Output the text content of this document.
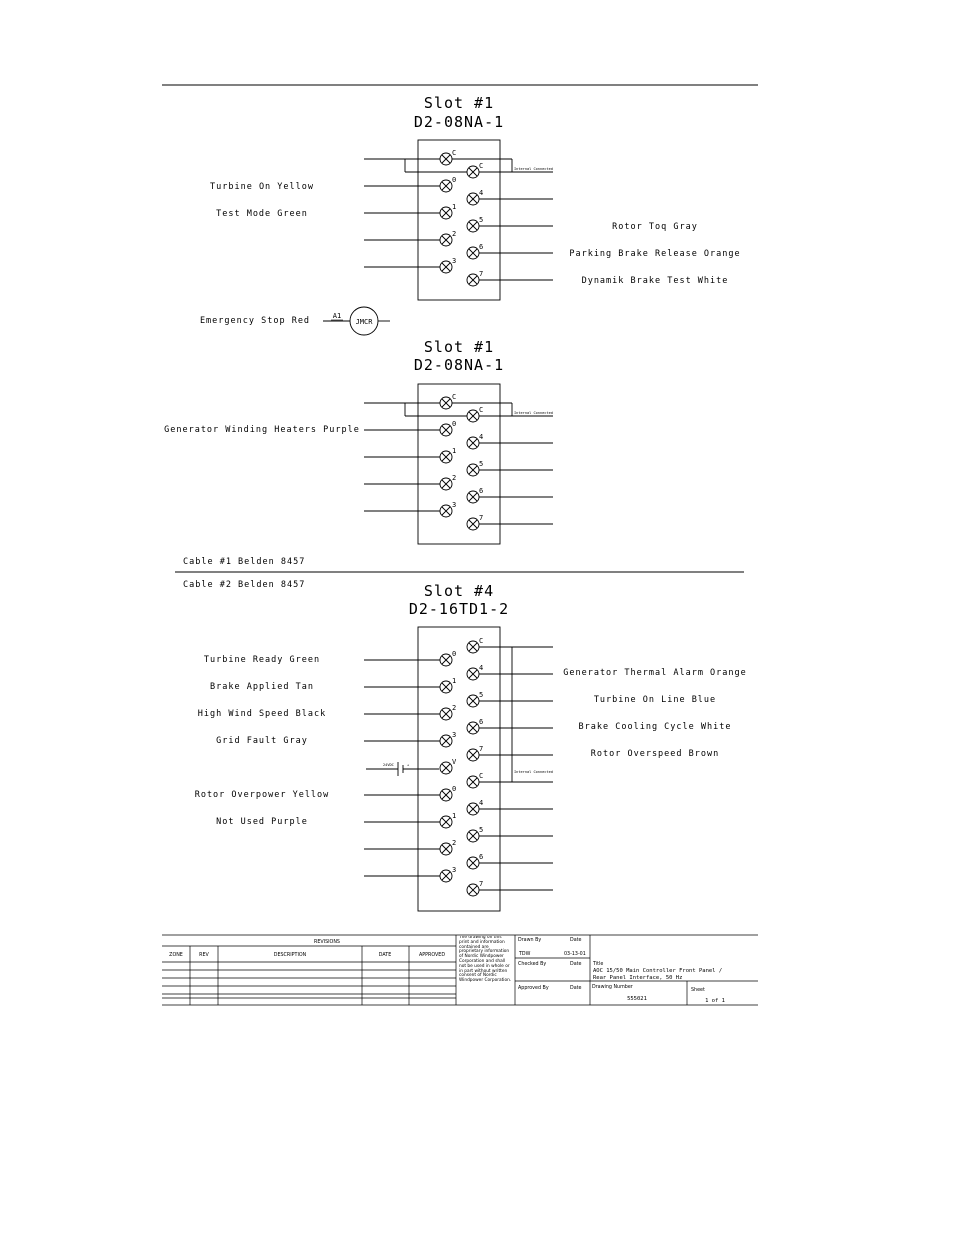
Slot #1
D2-08NA-1
C
0
1
2
3
C
4
5
6
7
Internal Connected
Turbine On Yellow
Test Mode Green
Rotor Toq Gray
Parking Brake Release Orange
Dynamik Brake Test White
Emergency Stop Red	A1
JMCR
Slot #1
D2-08NA-1
C
0
1
2
3
C
4
5
6
7
Internal Connected
Generator Winding Heaters Purple
Cable #1 Belden 8457
Cable #2 Belden 8457	Slot #4
D2-16TD1-2
0
1
2
3
V
0
1
2
3
C
4
5
6
7
C
4
5
6
7
Internal Connected
Turbine Ready Green
Brake Applied Tan
High Wind Speed Black
Grid Fault Gray
Rotor Overpower Yellow
Not Used Purple
Generator Thermal Alarm Orange
Turbine On Line Blue
Brake Cooling Cycle White
Rotor Overspeed Brown
24VDC	+
REVISIONS
ZONE	REV	DESCRIPTION	DATE	APPROVED
The drawing on this print and information contained are proprietary information of Nordic Windpower Corporation and shall not be used in whole or in part without written consent of Nordic Windpower Corporation.
Drawn By	Date
TDW	03-13-01
Checked By	Date
Approved By	Date
Title
AOC 15/50 Main Controller Front Panel /
Rear Panel Interface, 50 Hz
Drawing Number
555021
Sheet
1 of 1
